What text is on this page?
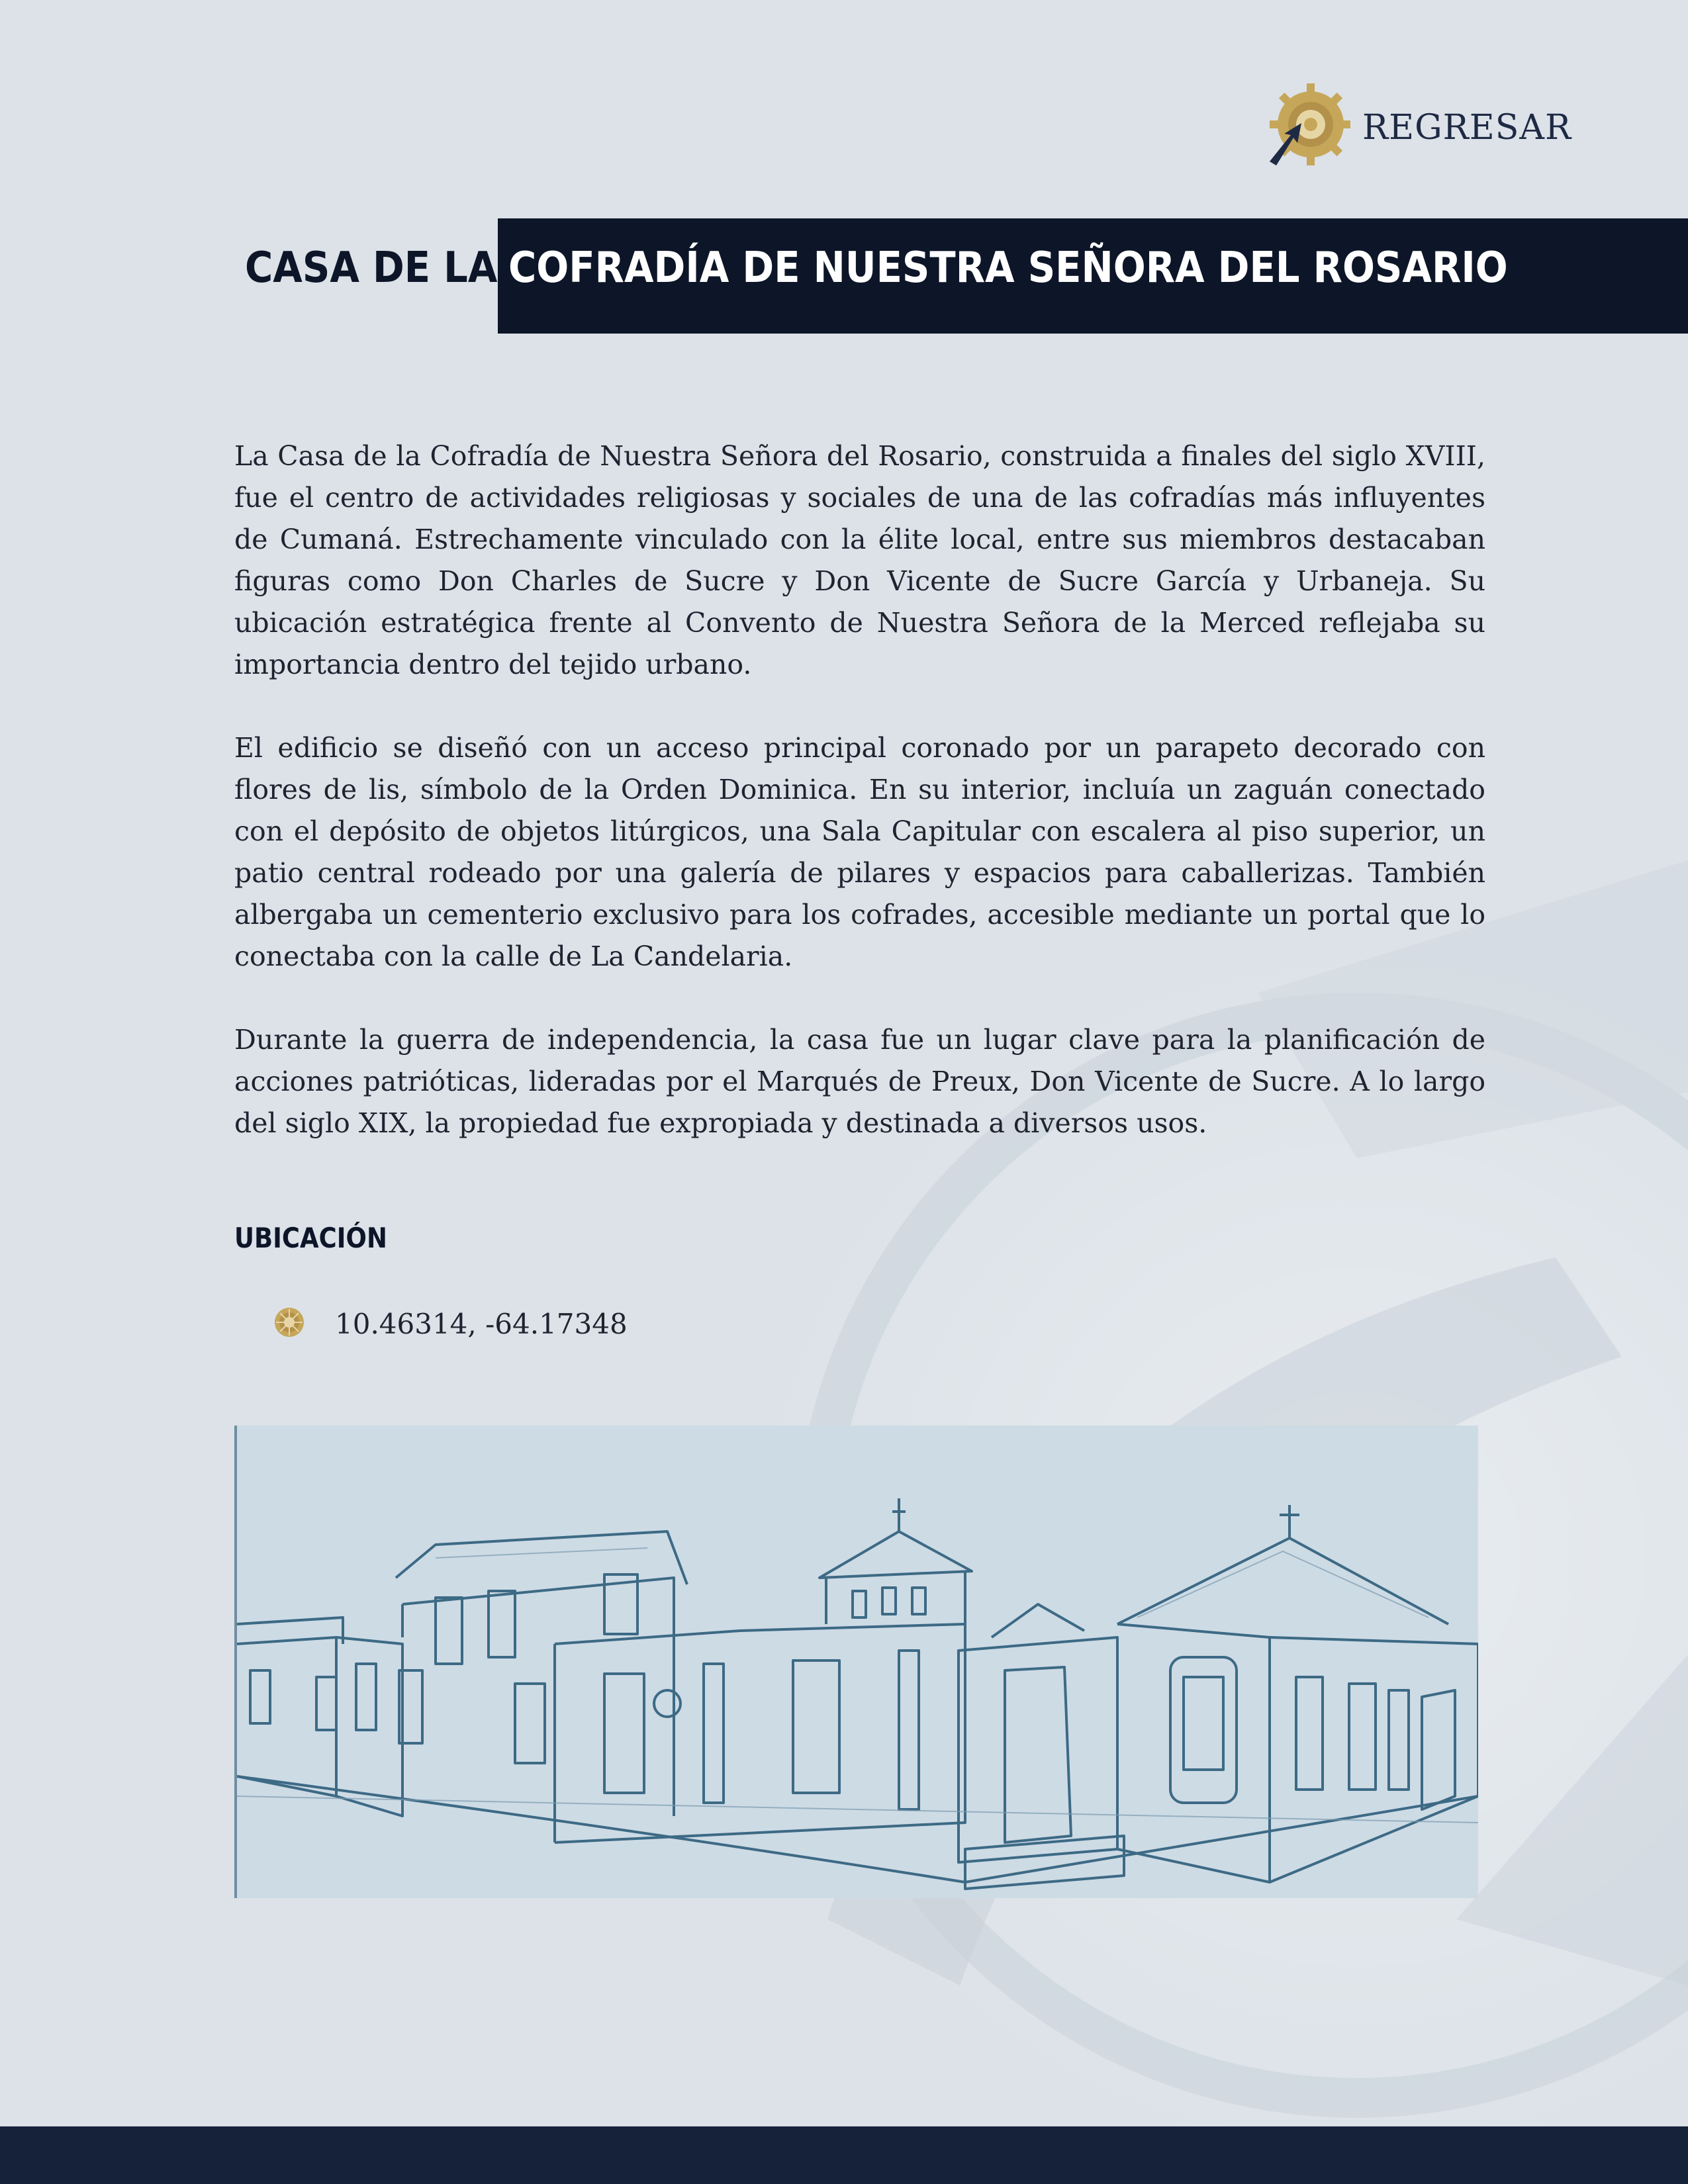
REGRESAR
CASA DE LA COFRADÍA DE NUESTRA SEÑORA DEL ROSARIO

La Casa de la Cofradía de Nuestra Señora del Rosario, construida a finales del siglo XVIII, fue el centro de actividades religiosas y sociales de una de las cofradías más influyentes de Cumaná. Estrechamente vinculado con la élite local, entre sus miembros destacaban figuras como Don Charles de Sucre y Don Vicente de Sucre García y Urbaneja. Su ubicación estratégica frente al Convento de Nuestra Señora de la Merced reflejaba su importancia dentro del tejido urbano.

El edificio se diseñó con un acceso principal coronado por un parapeto decorado con flores de lis, símbolo de la Orden Dominica. En su interior, incluía un zaguán conectado con el depósito de objetos litúrgicos, una Sala Capitular con escalera al piso superior, un patio central rodeado por una galería de pilares y espacios para caballerizas. También albergaba un cementerio exclusivo para los cofrades, accesible mediante un portal que lo conectaba con la calle de La Candelaria.

Durante la guerra de independencia, la casa fue un lugar clave para la planificación de acciones patrióticas, lideradas por el Marqués de Preux, Don Vicente de Sucre. A lo largo del siglo XIX, la propiedad fue expropiada y destinada a diversos usos.

UBICACIÓN
10.46314, -64.17348
